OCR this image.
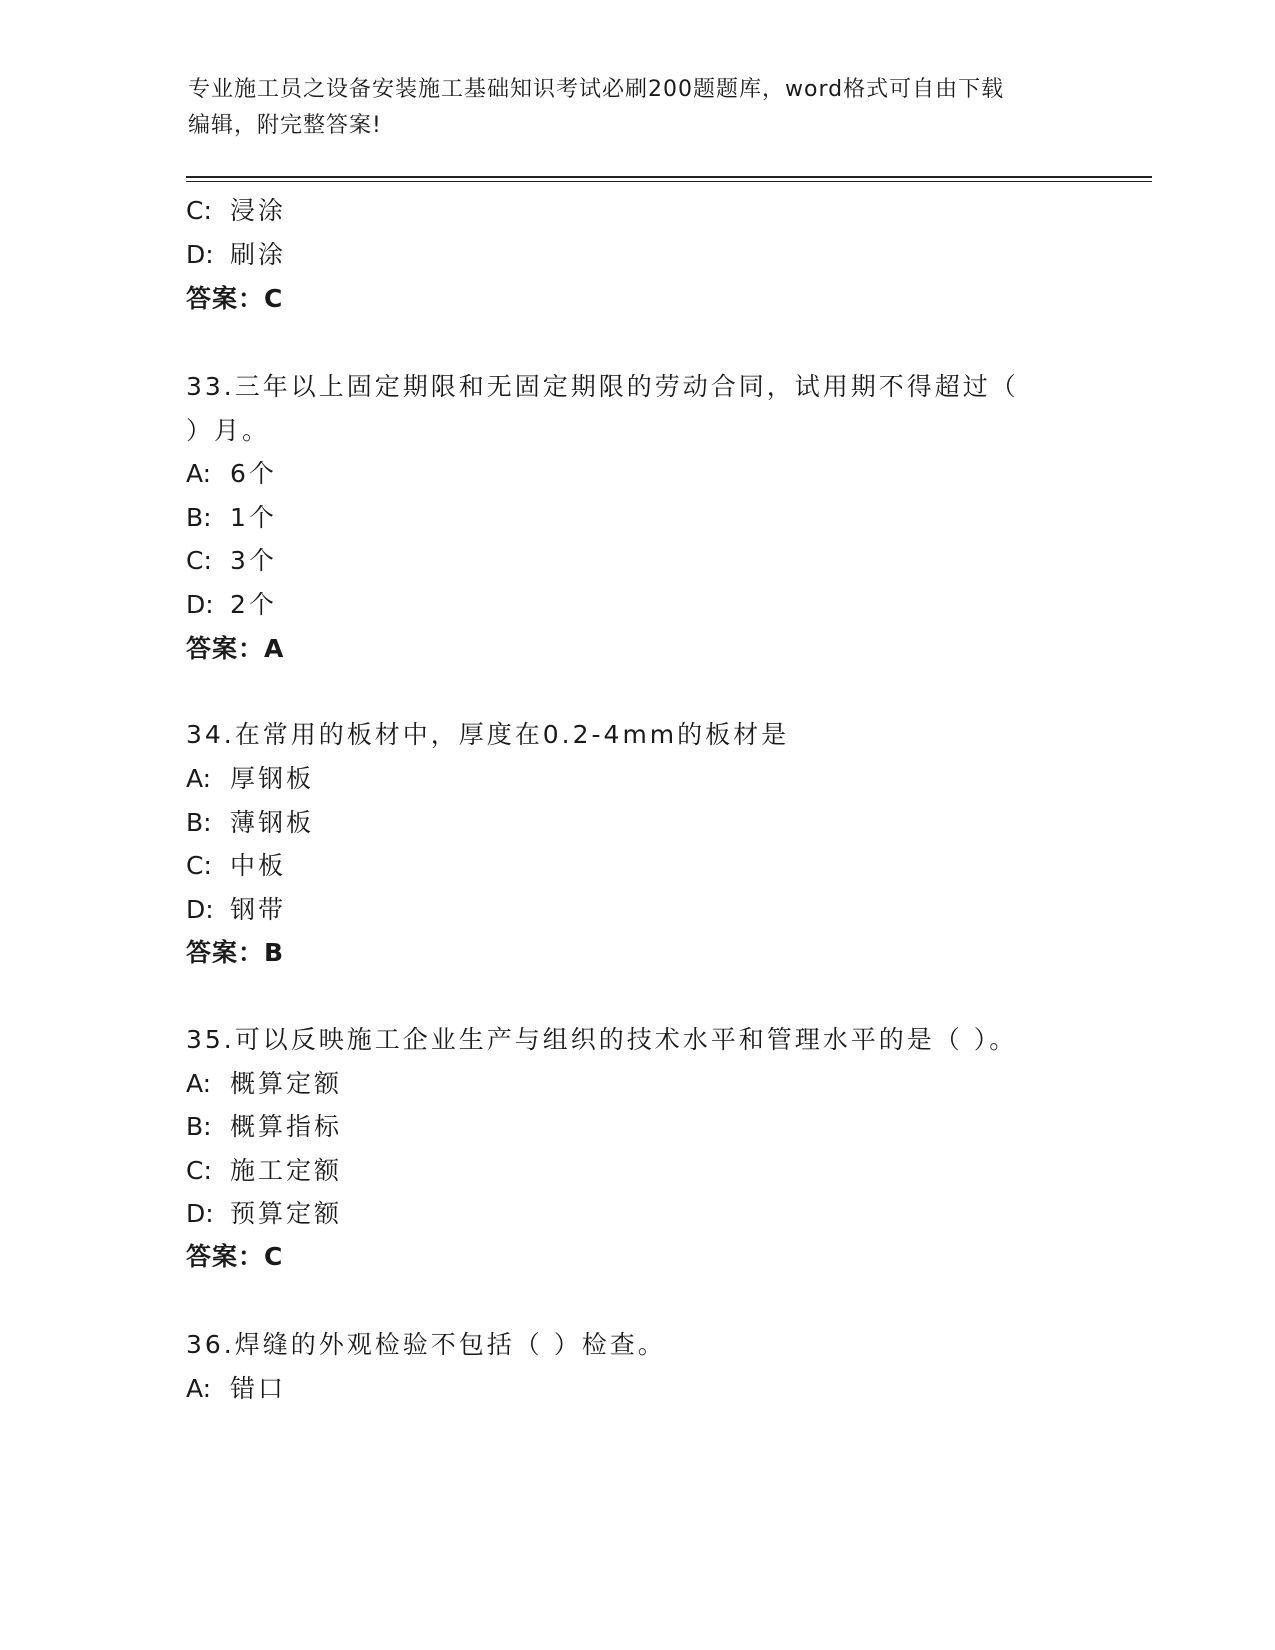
专业施工员之设备安装施工基础知识考试必刷200题题库，word格式可自由下载
编辑，附完整答案!
C: 浸涂
D: 刷涂
答案：C
33.三年以上固定期限和无固定期限的劳动合同，试用期不得超过（
）月。
A: 6个
B: 1个
C: 3个
D: 2个
答案：A
34.在常用的板材中，厚度在0.2-4mm的板材是
A: 厚钢板
B: 薄钢板
C: 中板
D: 钢带
答案：B
35.可以反映施工企业生产与组织的技术水平和管理水平的是（ ）。
A: 概算定额
B: 概算指标
C: 施工定额
D: 预算定额
答案：C
36.焊缝的外观检验不包括（ ）检查。
A: 错口
